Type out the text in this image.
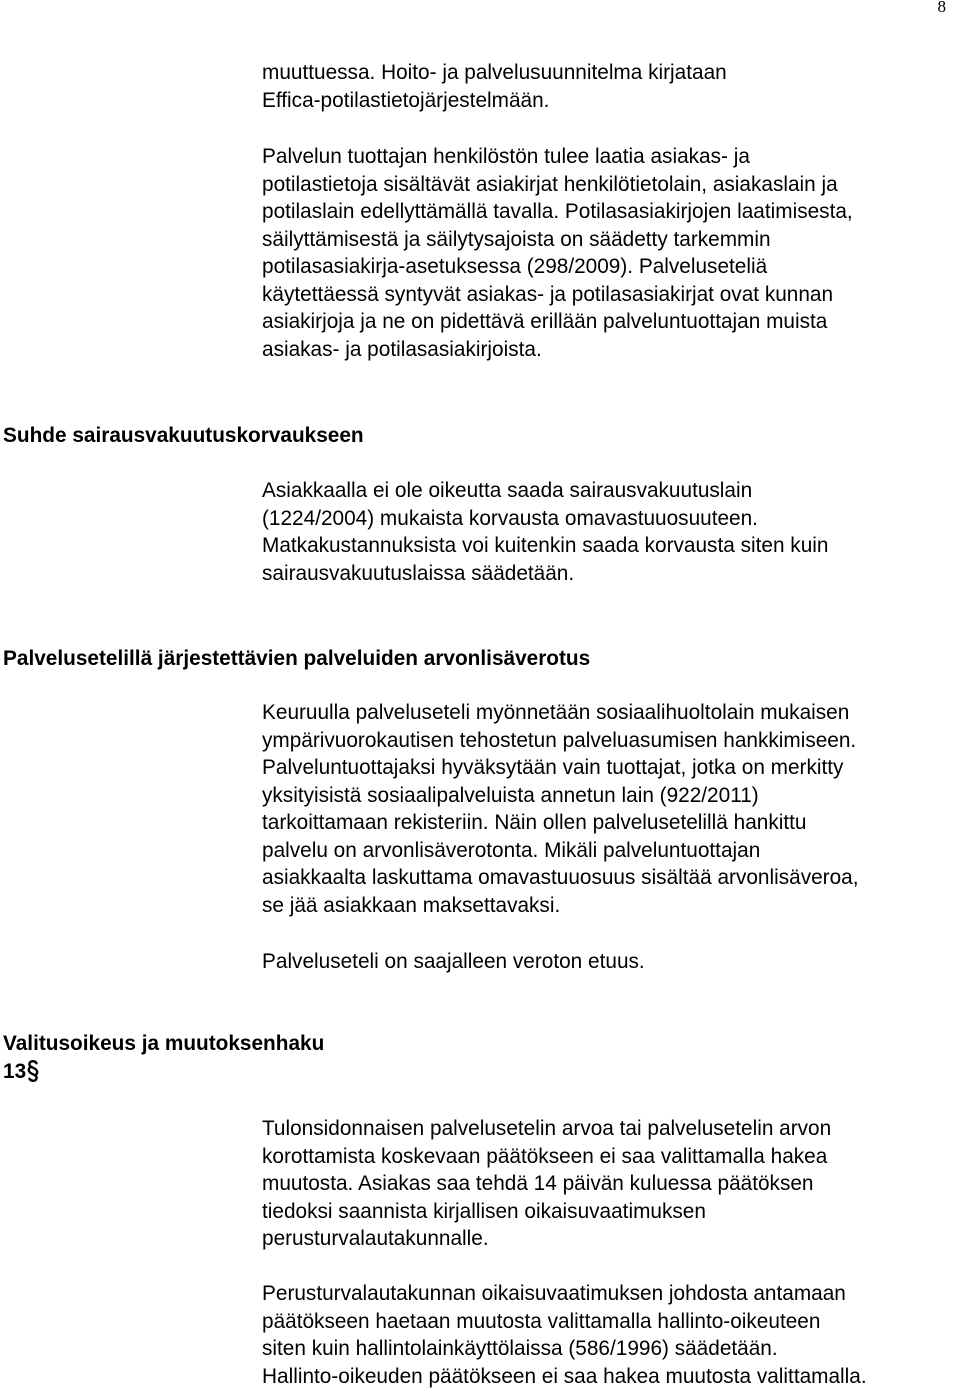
8

muuttuessa. Hoito- ja palvelusuunnitelma kirjataan
Effica-potilastietojärjestelmään.

Palvelun tuottajan henkilöstön tulee laatia asiakas- ja
potilastietoja sisältävät asiakirjat henkilötietolain, asiakaslain ja
potilaslain edellyttämällä tavalla. Potilasasiakirjojen laatimisesta,
säilyttämisestä ja säilytysajoista on säädetty tarkemmin
potilasasiakirja-asetuksessa (298/2009). Palveluseteliä
käytettäessä syntyvät asiakas- ja potilasasiakirjat ovat kunnan
asiakirjoja ja ne on pidettävä erillään palveluntuottajan muista
asiakas- ja potilasasiakirjoista.

Suhde sairausvakuutuskorvaukseen

Asiakkaalla ei ole oikeutta saada sairausvakuutuslain
(1224/2004) mukaista korvausta omavastuuosuuteen.
Matkakustannuksista voi kuitenkin saada korvausta siten kuin
sairausvakuutuslaissa säädetään.

Palvelusetelillä järjestettävien palveluiden arvonlisäverotus

Keuruulla palveluseteli myönnetään sosiaalihuoltolain mukaisen
ympärivuorokautisen tehostetun palveluasumisen hankkimiseen.
Palveluntuottajaksi hyväksytään vain tuottajat, jotka on merkitty
yksityisistä sosiaalipalveluista annetun lain (922/2011)
tarkoittamaan rekisteriin. Näin ollen palvelusetelillä hankittu
palvelu on arvonlisäverotonta. Mikäli palveluntuottajan
asiakkaalta laskuttama omavastuuosuus sisältää arvonlisäveroa,
se jää asiakkaan maksettavaksi.

Palveluseteli on saajalleen veroton etuus.

Valitusoikeus ja muutoksenhaku
13

Tulonsidonnaisen palvelusetelin arvoa tai palvelusetelin arvon
korottamista koskevaan päätökseen ei saa valittamalla hakea
muutosta. Asiakas saa tehdä 14 päivän kuluessa päätöksen
tiedoksi saannista kirjallisen oikaisuvaatimuksen
perusturvalautakunnalle.

Perusturvalautakunnan oikaisuvaatimuksen johdosta antamaan
päätökseen haetaan muutosta valittamalla hallinto-oikeuteen
siten kuin hallintolainkäyttölaissa (586/1996) säädetään.
Hallinto-oikeuden päätökseen ei saa hakea muutosta valittamalla.
